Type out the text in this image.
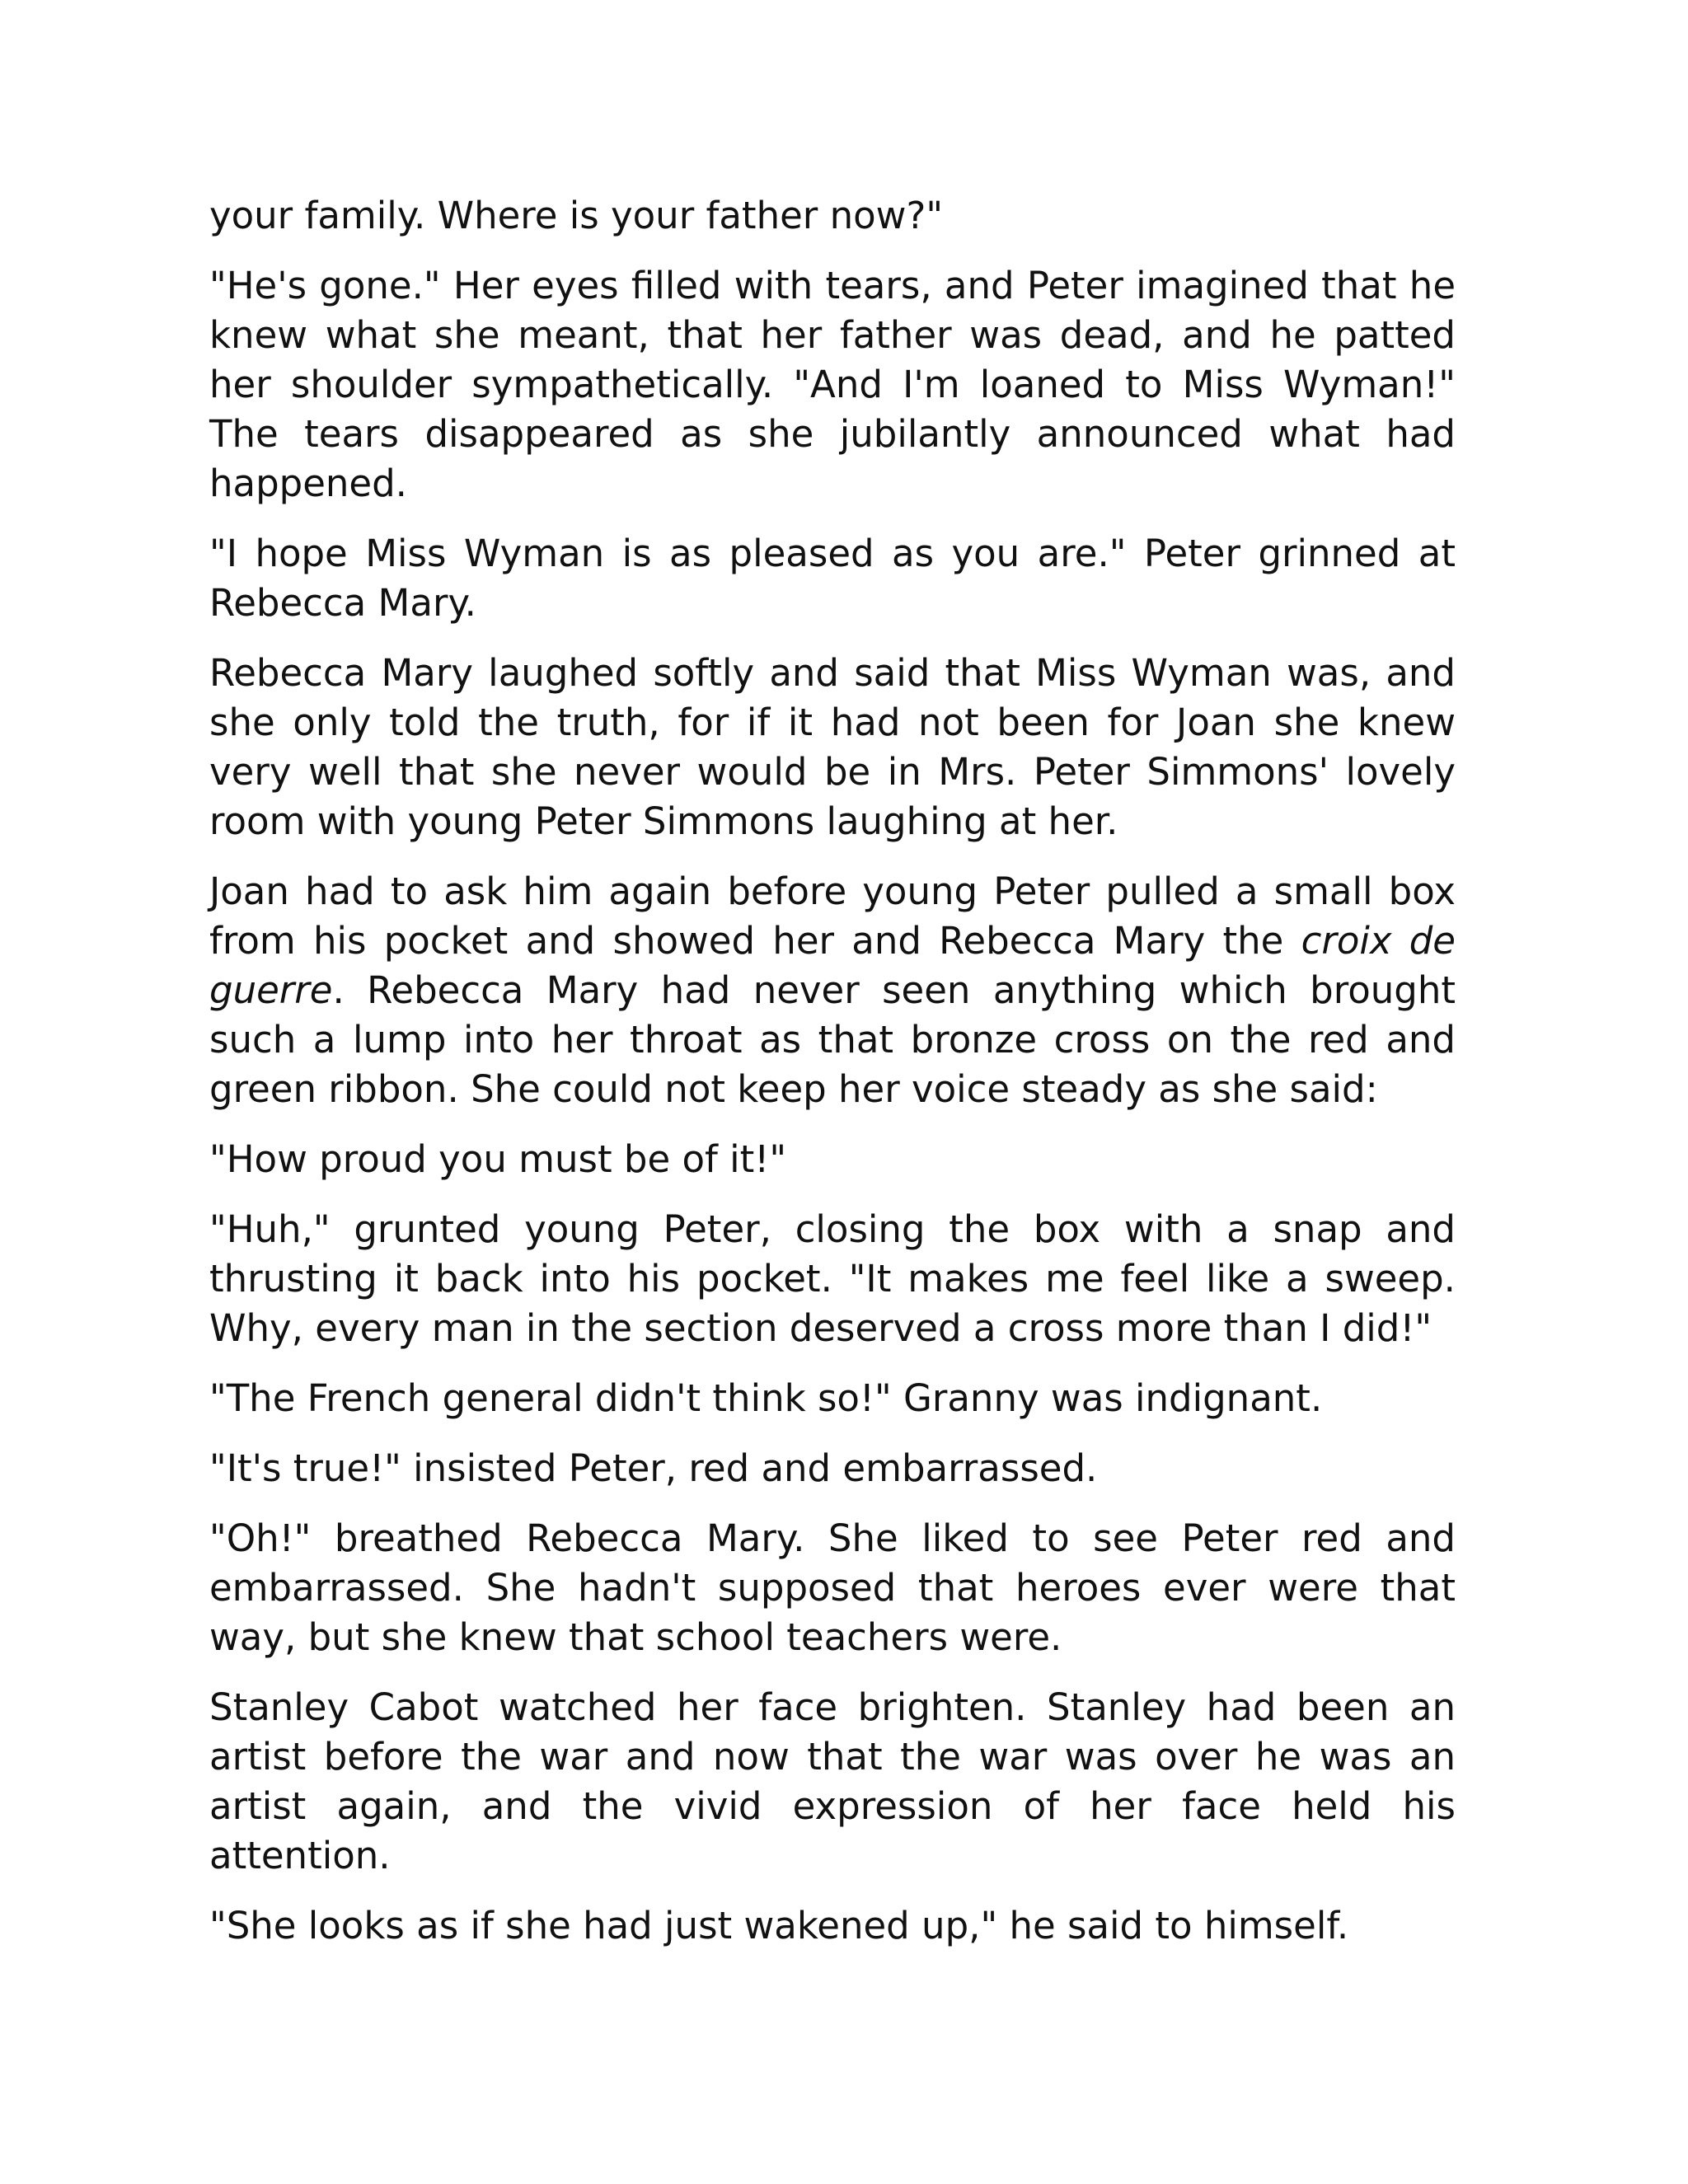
your family. Where is your father now?"

"He's gone." Her eyes filled with tears, and Peter imagined that he knew what she meant, that her father was dead, and he patted her shoulder sympathetically. "And I'm loaned to Miss Wyman!" The tears disappeared as she jubilantly announced what had happened.

"I hope Miss Wyman is as pleased as you are." Peter grinned at Rebecca Mary.

Rebecca Mary laughed softly and said that Miss Wyman was, and she only told the truth, for if it had not been for Joan she knew very well that she never would be in Mrs. Peter Simmons' lovely room with young Peter Simmons laughing at her.

Joan had to ask him again before young Peter pulled a small box from his pocket and showed her and Rebecca Mary the croix de guerre. Rebecca Mary had never seen anything which brought such a lump into her throat as that bronze cross on the red and green ribbon. She could not keep her voice steady as she said:

"How proud you must be of it!"

"Huh," grunted young Peter, closing the box with a snap and thrusting it back into his pocket. "It makes me feel like a sweep. Why, every man in the section deserved a cross more than I did!"

"The French general didn't think so!" Granny was indignant.

"It's true!" insisted Peter, red and embarrassed.

"Oh!" breathed Rebecca Mary. She liked to see Peter red and embarrassed. She hadn't supposed that heroes ever were that way, but she knew that school teachers were.

Stanley Cabot watched her face brighten. Stanley had been an artist before the war and now that the war was over he was an artist again, and the vivid expression of her face held his attention.

"She looks as if she had just wakened up," he said to himself.
